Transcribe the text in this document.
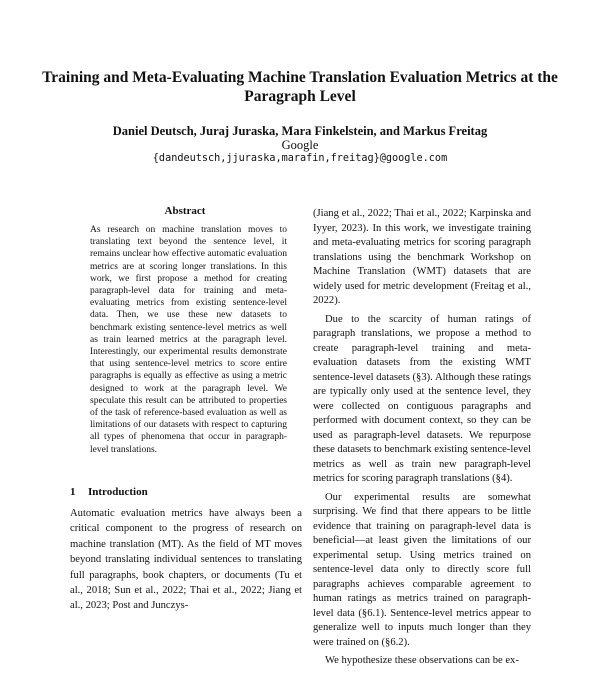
Training and Meta-Evaluating Machine Translation Evaluation Metrics at the Paragraph Level
Daniel Deutsch, Juraj Juraska, Mara Finkelstein, and Markus Freitag
Google
{dandeutsch,jjuraska,marafin,freitag}@google.com
Abstract

As research on machine translation moves to translating text beyond the sentence level, it remains unclear how effective automatic evaluation metrics are at scoring longer translations. In this work, we first propose a method for creating paragraph-level data for training and meta-evaluating metrics from existing sentence-level data. Then, we use these new datasets to benchmark existing sentence-level metrics as well as train learned metrics at the paragraph level. Interestingly, our experimental results demonstrate that using sentence-level metrics to score entire paragraphs is equally as effective as using a metric designed to work at the paragraph level. We speculate this result can be attributed to properties of the task of reference-based evaluation as well as limitations of our datasets with respect to capturing all types of phenomena that occur in paragraph-level translations.

1 Introduction

Automatic evaluation metrics have always been a critical component to the progress of research on machine translation (MT). As the field of MT moves beyond translating individual sentences to translating full paragraphs, book chapters, or documents (Tu et al., 2018; Sun et al., 2022; Thai et al., 2022; Jiang et al., 2023; Post and Junczys-

(Jiang et al., 2022; Thai et al., 2022; Karpinska and Iyyer, 2023). In this work, we investigate training and meta-evaluating metrics for scoring paragraph translations using the benchmark Workshop on Machine Translation (WMT) datasets that are widely used for metric development (Freitag et al., 2022).

Due to the scarcity of human ratings of paragraph translations, we propose a method to create paragraph-level training and meta-evaluation datasets from the existing WMT sentence-level datasets (§3). Although these ratings are typically only used at the sentence level, they were collected on contiguous paragraphs and performed with document context, so they can be used as paragraph-level datasets. We repurpose these datasets to benchmark existing sentence-level metrics as well as train new paragraph-level metrics for scoring paragraph translations (§4).

Our experimental results are somewhat surprising. We find that there appears to be little evidence that training on paragraph-level data is beneficial—at least given the limitations of our experimental setup. Using metrics trained on sentence-level data only to directly score full paragraphs achieves comparable agreement to human ratings as metrics trained on paragraph-level data (§6.1). Sentence-level metrics appear to generalize well to inputs much longer than they were trained on (§6.2).

We hypothesize these observations can be ex-
